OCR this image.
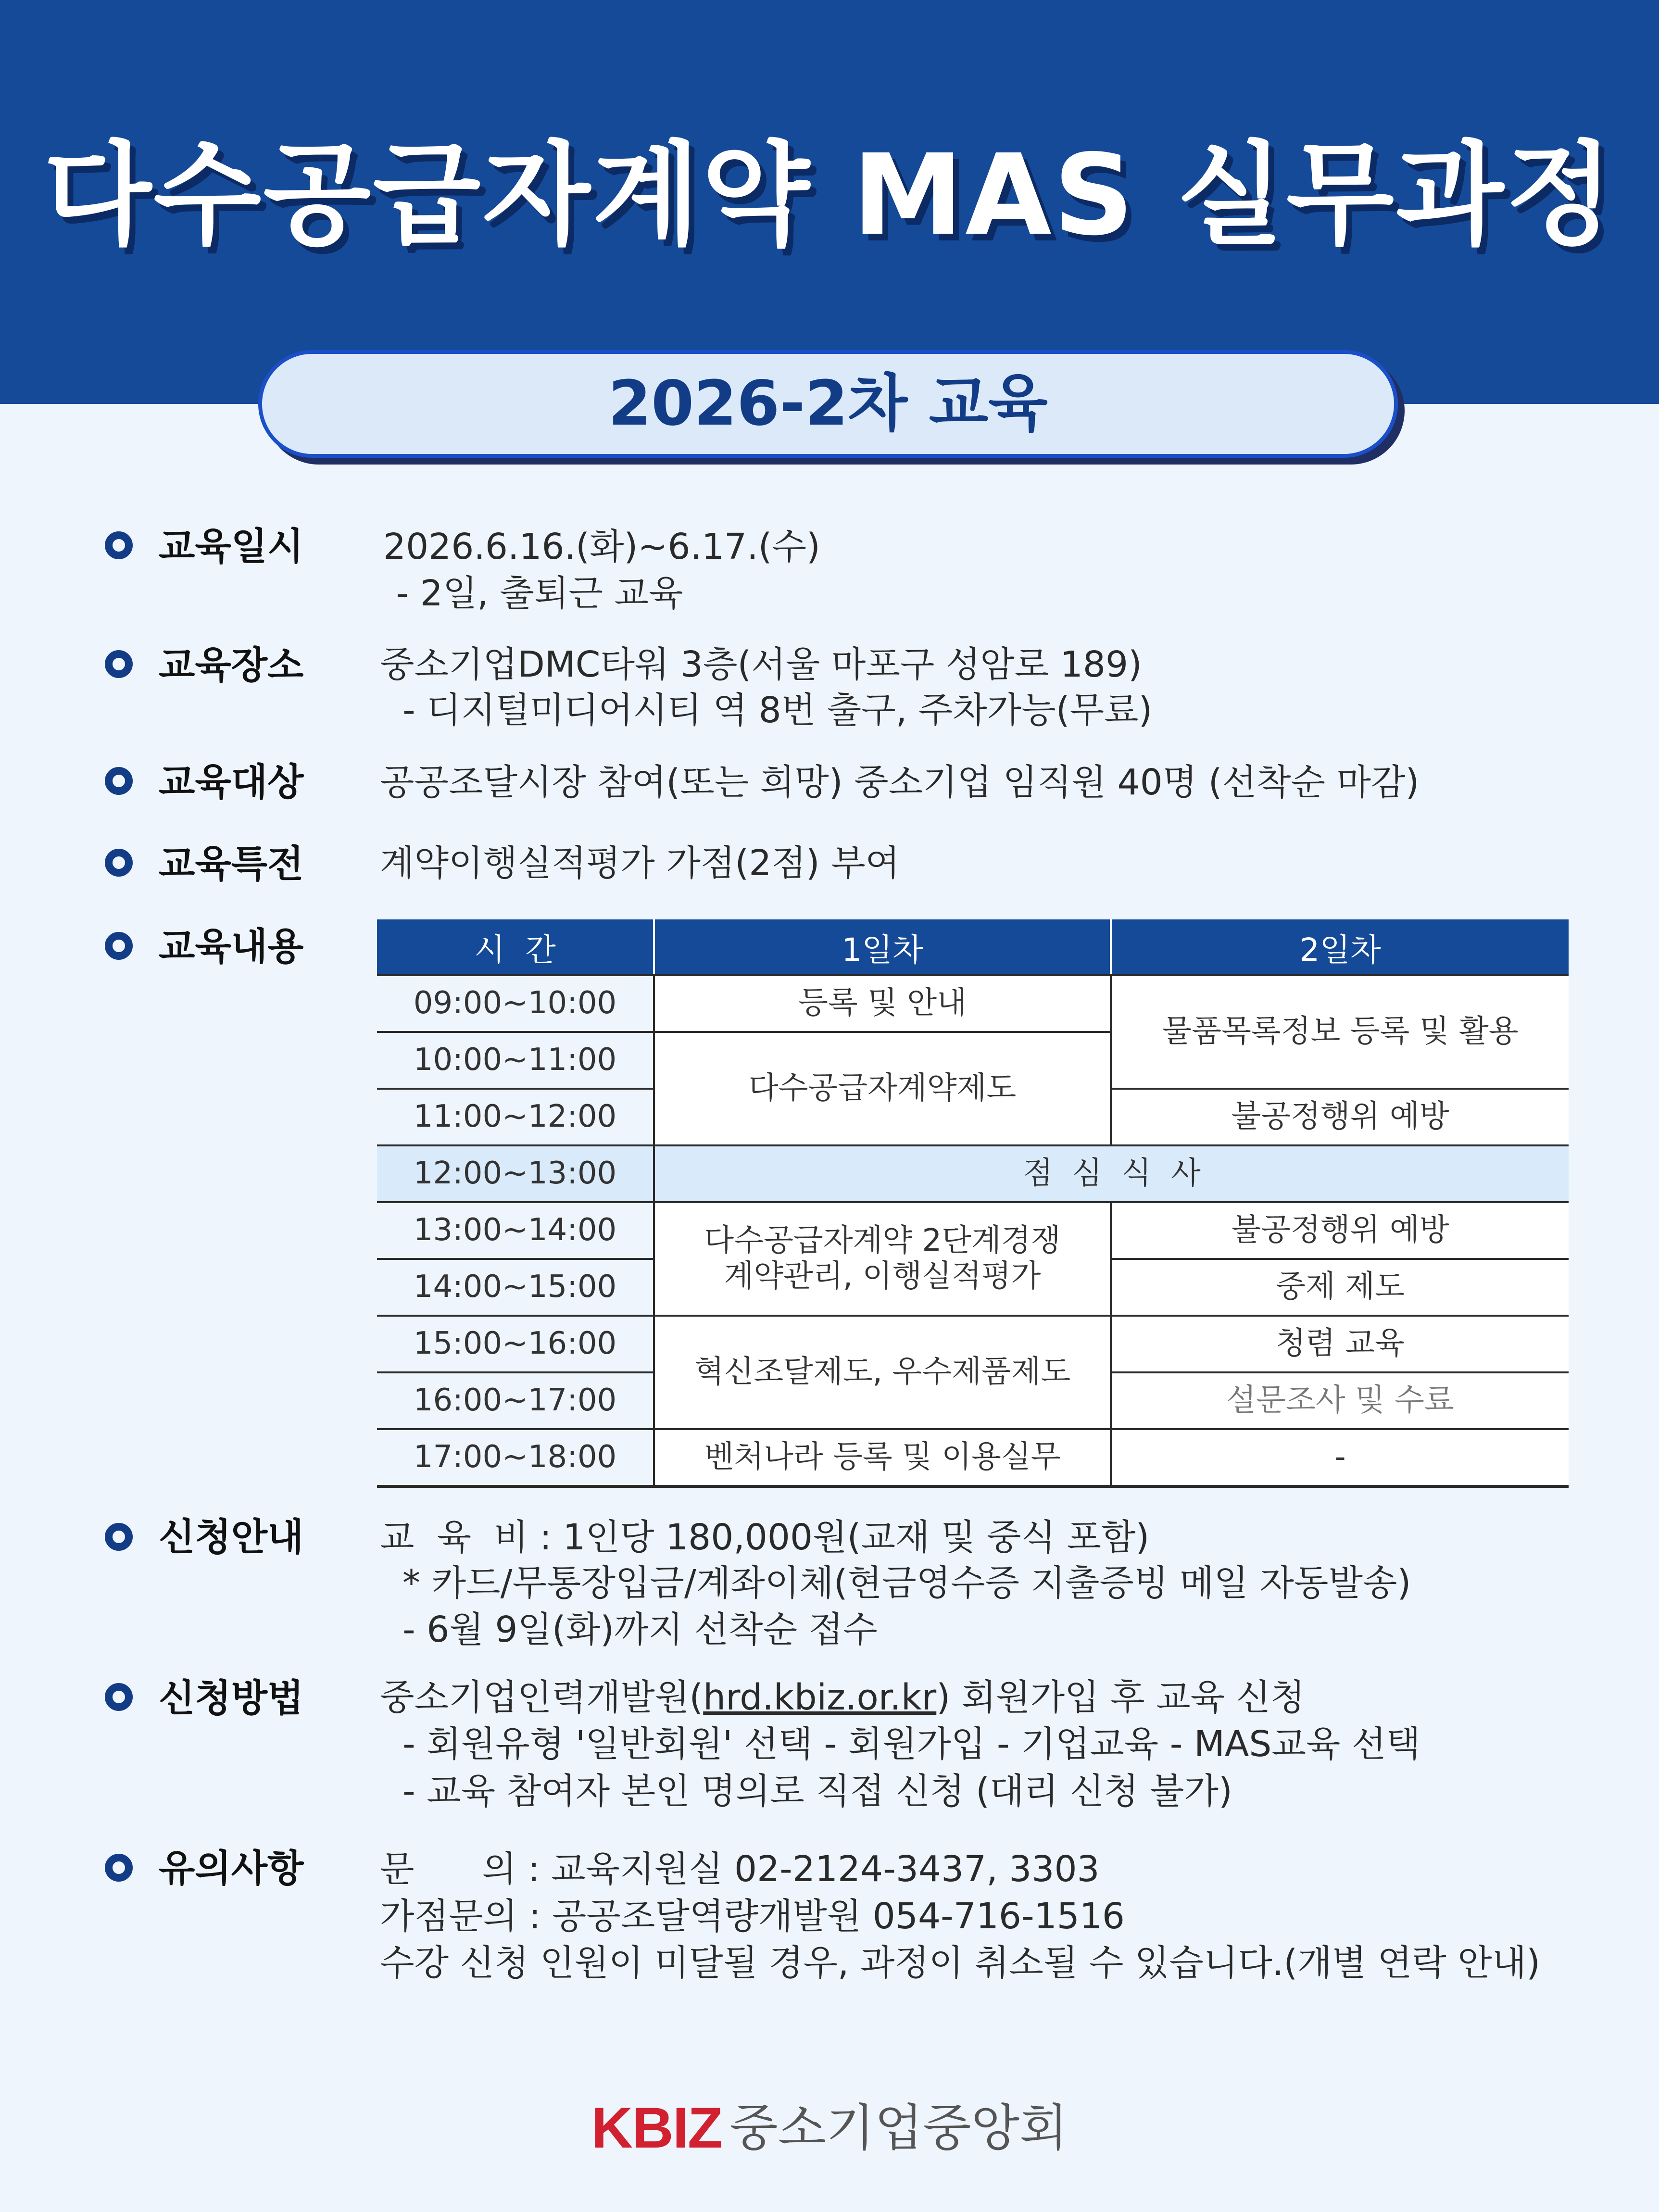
다수공급자계약 MAS 실무과정
2026-2차 교육
교육일시 2026.6.16.(화)~6.17.(수)
- 2일, 출퇴근 교육
교육장소 중소기업DMC타워 3층(서울 마포구 성암로 189)
- 디지털미디어시티 역 8번 출구, 주차가능(무료)
교육대상 공공조달시장 참여(또는 희망) 중소기업 임직원 40명 (선착순 마감)
교육특전 계약이행실적평가 가점(2점) 부여
교육내용	시  간	1일차	2일차
09:00~10:00	등록 및 안내	물품목록정보 등록 및 활용
10:00~11:00	다수공급자계약제도	
11:00~12:00		불공정행위 예방
12:00~13:00	점  심  식  사	
13:00~14:00	다수공급자계약 2단계경쟁
계약관리, 이행실적평가	불공정행위 예방
14:00~15:00		중제 제도
15:00~16:00	혁신조달제도, 우수제품제도	청렴 교육
16:00~17:00		설문조사 및 수료
17:00~18:00	벤처나라 등록 및 이용실무	-
신청안내 교  육  비 : 1인당 180,000원(교재 및 중식 포함)
* 카드/무통장입금/계좌이체(현금영수증 지출증빙 메일 자동발송)
- 6월 9일(화)까지 선착순 접수
신청방법 중소기업인력개발원(hrd.kbiz.or.kr) 회원가입 후 교육 신청
- 회원유형 '일반회원' 선택 - 회원가입 - 기업교육 - MAS교육 선택
- 교육 참여자 본인 명의로 직접 신청 (대리 신청 불가)
유의사항 문      의 : 교육지원실 02-2124-3437, 3303
가점문의 : 공공조달역량개발원 054-716-1516
수강 신청 인원이 미달될 경우, 과정이 취소될 수 있습니다.(개별 연락 안내)
KBIZ 중소기업중앙회
